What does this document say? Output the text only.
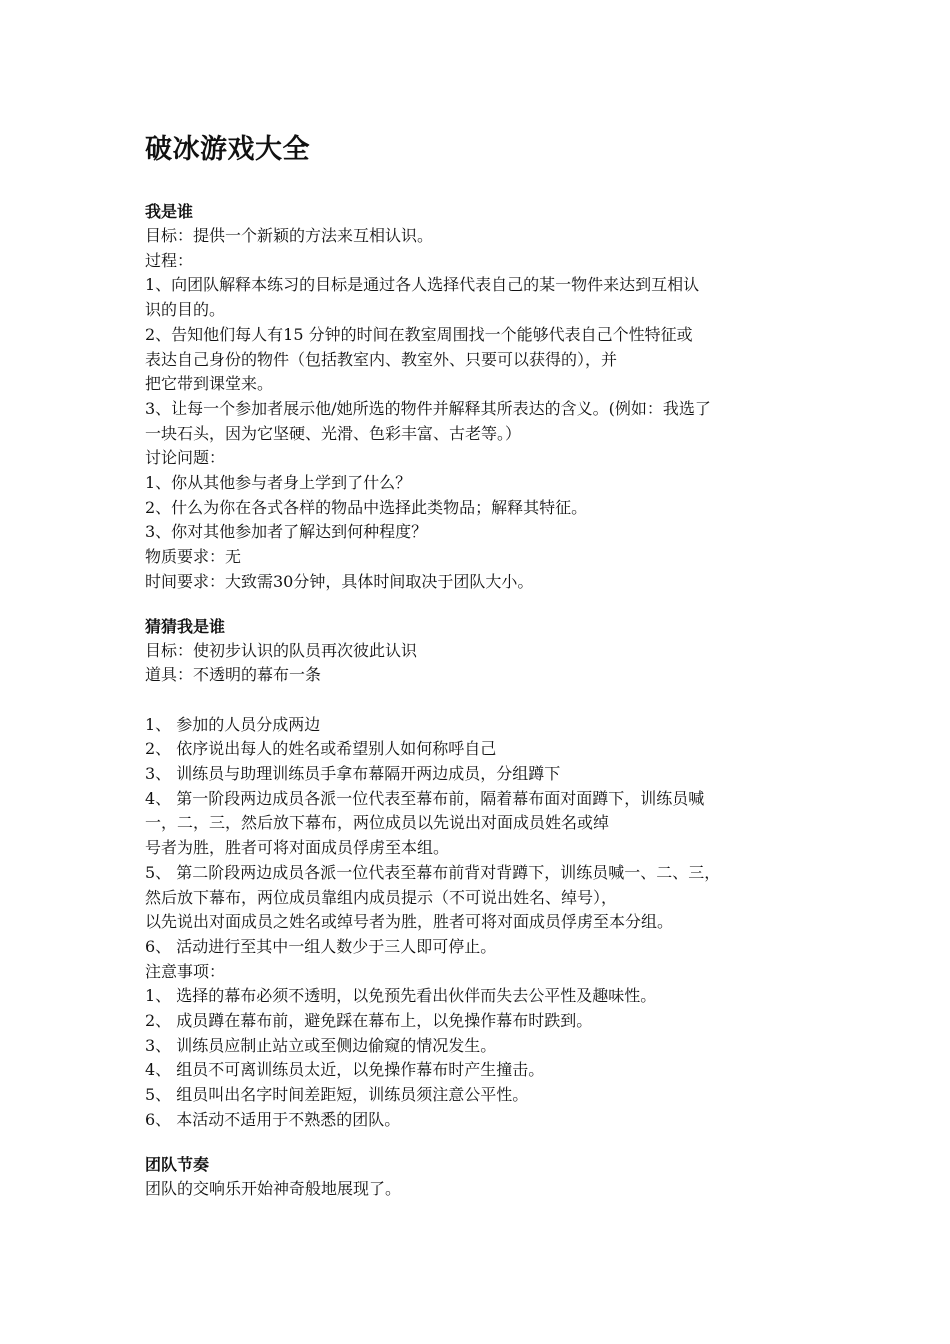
破冰游戏大全
我是谁
目标：提供一个新颖的方法来互相认识。
过程：
1、向团队解释本练习的目标是通过各人选择代表自己的某一物件来达到互相认
识的目的。
2、告知他们每人有15 分钟的时间在教室周围找一个能够代表自己个性特征或
表达自己身份的物件（包括教室内、教室外、只要可以获得的），并
把它带到课堂来。
3、让每一个参加者展示他/她所选的物件并解释其所表达的含义。(例如：我选了
一块石头，因为它坚硬、光滑、色彩丰富、古老等。）
讨论问题：
1、你从其他参与者身上学到了什么？
2、什么为你在各式各样的物品中选择此类物品；解释其特征。
3、你对其他参加者了解达到何种程度？
物质要求：无
时间要求：大致需30分钟，具体时间取决于团队大小。
猜猜我是谁
目标：使初步认识的队员再次彼此认识
道具：不透明的幕布一条
1、 参加的人员分成两边
2、 依序说出每人的姓名或希望别人如何称呼自己
3、 训练员与助理训练员手拿布幕隔开两边成员，分组蹲下
4、 第一阶段两边成员各派一位代表至幕布前，隔着幕布面对面蹲下，训练员喊
一，二，三，然后放下幕布，两位成员以先说出对面成员姓名或绰
号者为胜，胜者可将对面成员俘虏至本组。
5、 第二阶段两边成员各派一位代表至幕布前背对背蹲下，训练员喊一、二、三，
然后放下幕布，两位成员靠组内成员提示（不可说出姓名、绰号），
以先说出对面成员之姓名或绰号者为胜，胜者可将对面成员俘虏至本分组。
6、 活动进行至其中一组人数少于三人即可停止。
注意事项：
1、 选择的幕布必须不透明，以免预先看出伙伴而失去公平性及趣味性。
2、 成员蹲在幕布前，避免踩在幕布上，以免操作幕布时跌到。
3、 训练员应制止站立或至侧边偷窥的情况发生。
4、 组员不可离训练员太近，以免操作幕布时产生撞击。
5、 组员叫出名字时间差距短，训练员须注意公平性。
6、 本活动不适用于不熟悉的团队。
团队节奏
团队的交响乐开始神奇般地展现了。
